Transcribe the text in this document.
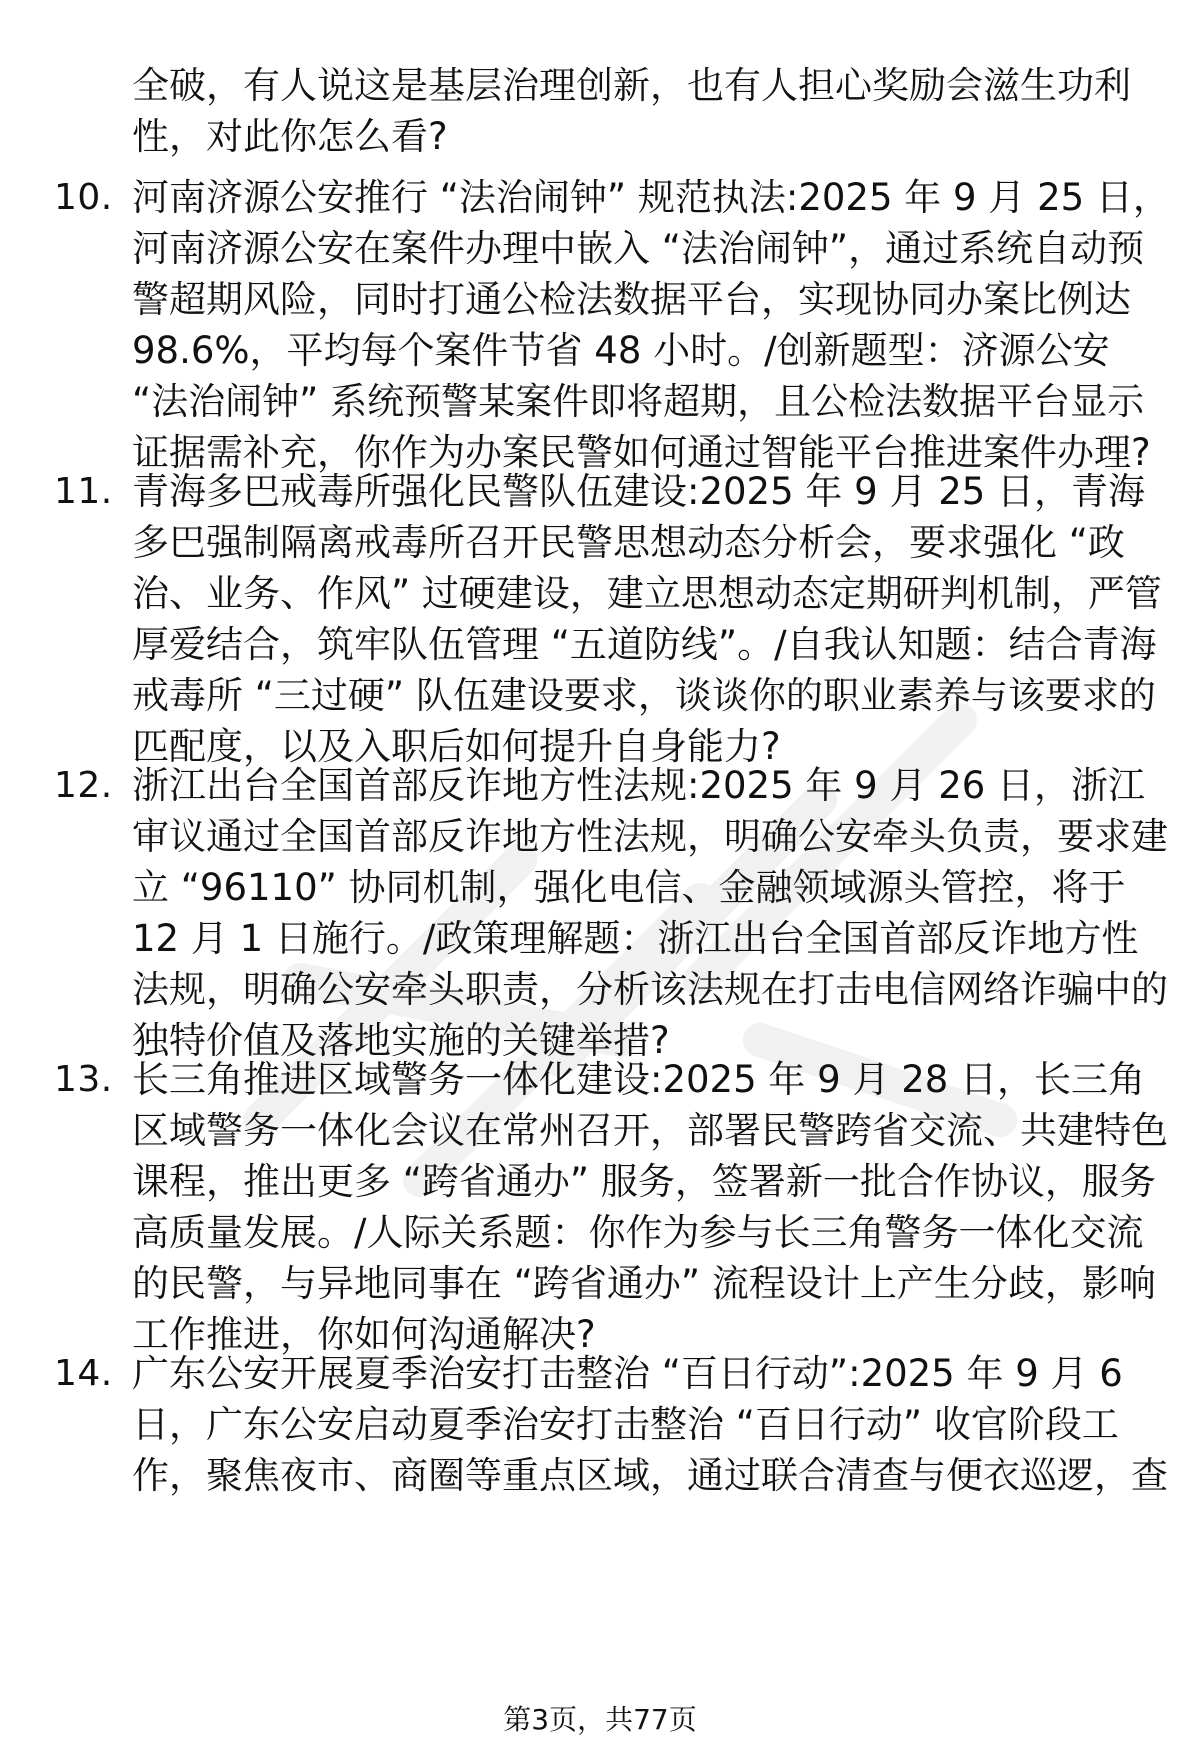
全破，有人说这是基层治理创新，也有人担心奖励会滋生功利性，对此你怎么看?
10. 河南济源公安推行 “法治闹钟” 规范执法:2025 年 9 月 25 日，河南济源公安在案件办理中嵌入 “法治闹钟”，通过系统自动预警超期风险，同时打通公检法数据平台，实现协同办案比例达 98.6%，平均每个案件节省 48 小时。/创新题型：济源公安 “法治闹钟” 系统预警某案件即将超期，且公检法数据平台显示证据需补充，你作为办案民警如何通过智能平台推进案件办理?
11. 青海多巴戒毒所强化民警队伍建设:2025 年 9 月 25 日，青海多巴强制隔离戒毒所召开民警思想动态分析会，要求强化 “政治、业务、作风” 过硬建设，建立思想动态定期研判机制，严管厚爱结合，筑牢队伍管理 “五道防线”。/自我认知题：结合青海戒毒所 “三过硬” 队伍建设要求，谈谈你的职业素养与该要求的匹配度，以及入职后如何提升自身能力?
12. 浙江出台全国首部反诈地方性法规:2025 年 9 月 26 日，浙江审议通过全国首部反诈地方性法规，明确公安牵头负责，要求建立 “96110” 协同机制，强化电信、金融领域源头管控，将于 12 月 1 日施行。/政策理解题：浙江出台全国首部反诈地方性法规，明确公安牵头职责，分析该法规在打击电信网络诈骗中的独特价值及落地实施的关键举措?
13. 长三角推进区域警务一体化建设:2025 年 9 月 28 日，长三角区域警务一体化会议在常州召开，部署民警跨省交流、共建特色课程，推出更多 “跨省通办” 服务，签署新一批合作协议，服务高质量发展。/人际关系题：你作为参与长三角警务一体化交流的民警，与异地同事在 “跨省通办” 流程设计上产生分歧，影响工作推进，你如何沟通解决?
14. 广东公安开展夏季治安打击整治 “百日行动”:2025 年 9 月 6 日，广东公安启动夏季治安打击整治 “百日行动” 收官阶段工作，聚焦夜市、商圈等重点区域，通过联合清查与便衣巡逻，查
第3页，共77页
